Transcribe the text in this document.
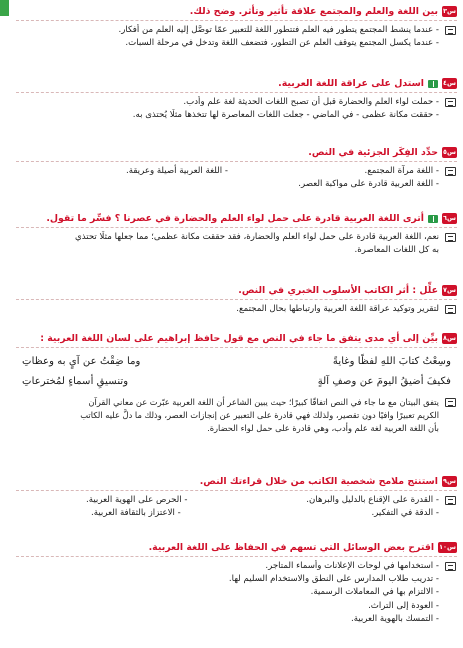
س٣
بين اللغة والعلم والمجتمع علاقة تأثير وتأثر. وضح ذلك.
- عندما ينشط المجتمع يتطور فيه العلم فتتطور اللغة للتعبير عمّا توصَّل إليه العلم من أفكار.
- عندما يكسل المجتمع يتوقف العلم عن التطور، فتضعف اللغة وتدخل في مرحلة السبات.
س٤
استدل على عراقة اللغة العربية.
- حملت لواء العلم والحضارة قبل أن تصبح اللغات الحديثة لغة علم وأدب.
- حققت مكانة عظمى - في الماضي - جعلت اللغات المعاصرة لها تتخذها مثلًا يُحتذى به.
س٥
حدِّد الفِكَر الجزئية في النص.
- اللغة مرآة المجتمع.
- اللغة العربية أصيلة وعريقة.
- اللغة العربية قادرة على مواكبة العصر.
س٦
أترى اللغة العربية قادرة على حمل لواء العلم والحضارة في عصرنا ؟ فسِّر ما تقول.
نعم، اللغة العربية قادرة على حمل لواء العلم والحضارة، فقد حققت مكانة عظمى؛ مما جعلها مثلًا تحتذي
به كل اللغات المعاصرة.
س٧
علِّل : أثر الكاتب الأسلوب الخبري في النص.
لتقرير وتوكيد عراقة اللغة العربية وارتباطها بحال المجتمع.
س٨
بيِّن إلى أي مدى يتفق ما جاء في النص مع قول حافظ إبراهيم على لسان اللغة العربية :
وسِعْتُ كتابَ اللهِ لفظًا وغايةً
وما ضِقْتُ عن آيٍ به وعظاتِ
فكيفَ أضيقُ اليومَ عن وصفِ آلةٍ
وتنسيقِ أسماءٍ لمُخترعاتِ
يتفق البيتان مع ما جاء في النص اتفاقًا كبيرًا؛ حيث يبين الشاعر أن اللغة العربية عبّرت عن معاني القرآن
الكريم تعبيرًا وافيًا دون تقصير، ولذلك فهي قادرة على التعبير عن إنجازات العصر، وذلك ما دلَّ عليه الكاتب
بأن اللغة العربية لغة علم وأدب، وهي قادرة على حمل لواء الحضارة.
س٩
استنتج ملامح شخصية الكاتب من خلال قراءتك النص.
- القدرة على الإقناع بالدليل والبرهان.
- الحرص على الهوية العربية.
- الدقة في التفكير.
- الاعتزاز بالثقافة العربية.
س١٠
اقترح بعض الوسائل التي تسهم في الحفاظ على اللغة العربية.
- استخدامها في لوحات الإعلانات وأسماء المتاجر.
- تدريب طلاب المدارس على النطق والاستخدام السليم لها.
- الالتزام بها في المعاملات الرسمية.
- العودة إلى التراث.
- التمسك بالهوية العربية.
